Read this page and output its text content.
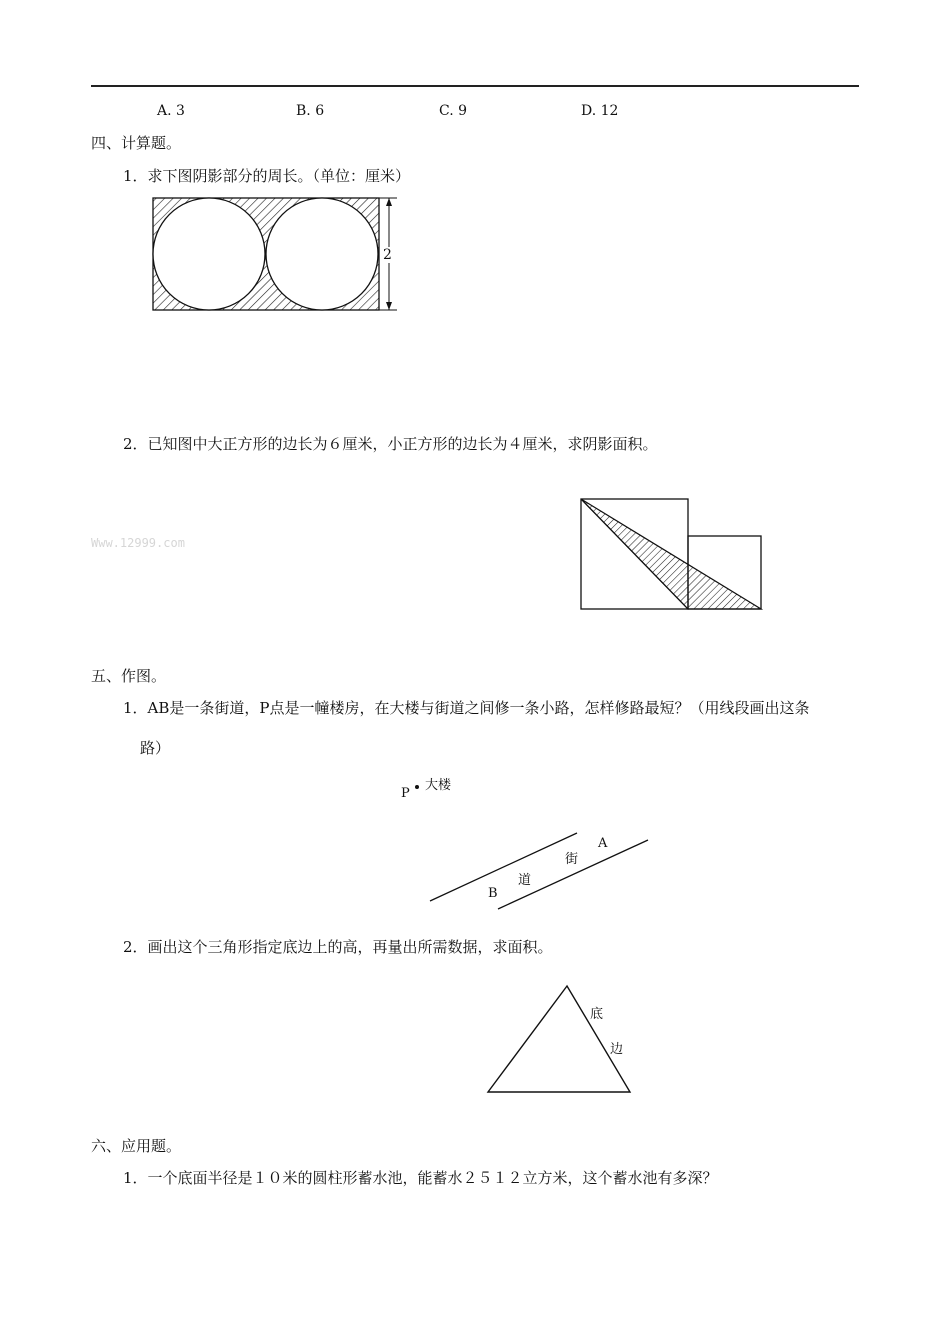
A. 3	B. 6	C. 9	D. 12
四、计算题。
1．求下图阴影部分的周长。（单位：厘米）
2
2．已知图中大正方形的边长为６厘米，小正方形的边长为４厘米，求阴影面积。
Www.12999.com
五、作图。
1．AB是一条街道，P点是一幢楼房，在大楼与街道之间修一条小路，怎样修路最短？（用线段画出这条
路）
P
大楼
A
B
街
道
2．画出这个三角形指定底边上的高，再量出所需数据，求面积。
底
边
六、应用题。
1．一个底面半径是１０米的圆柱形蓄水池，能蓄水２５１２立方米，这个蓄水池有多深？
